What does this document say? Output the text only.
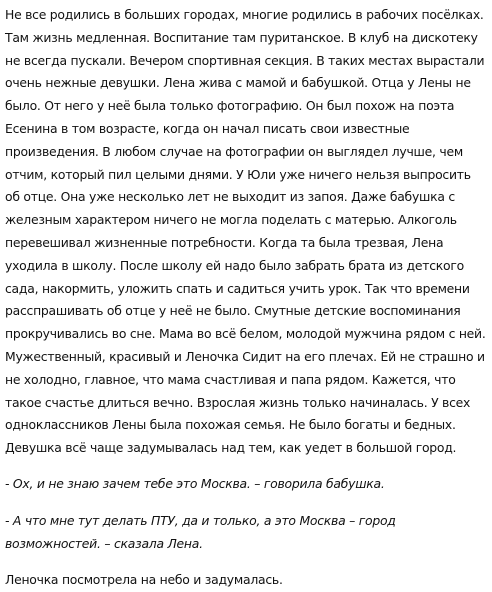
Не все родились в больших городах, многие родились в рабочих посёлках. Там жизнь медленная. Воспитание там пуританское. В клуб на дискотеку не всегда пускали. Вечером спортивная секция. В таких местах вырастали очень нежные девушки. Лена жива с мамой и бабушкой. Отца у Лены не было. От него у неё была только фотографию. Он был похож на поэта Есенина в том возрасте, когда он начал писать свои известные произведения. В любом случае на фотографии он выглядел лучше, чем отчим, который пил целыми днями. У Юли уже ничего нельзя выпросить об отце. Она уже несколько лет не выходит из запоя. Даже бабушка с железным характером ничего не могла поделать с матерью. Алкоголь перевешивал жизненные потребности. Когда та была трезвая, Лена уходила в школу. После школу ей надо было забрать брата из детского сада, накормить, уложить спать и садиться учить урок. Так что времени расспрашивать об отце у неё не было. Смутные детские воспоминания прокручивались во сне. Мама во всё белом, молодой мужчина рядом с ней. Мужественный, красивый и Леночка Сидит на его плечах. Ей не страшно и не холодно, главное, что мама счастливая и папа рядом. Кажется, что такое счастье длиться вечно. Взрослая жизнь только начиналась. У всех одноклассников Лены была похожая семья. Не было богаты и бедных. Девушка всё чаще задумывалась над тем, как уедет в большой город.

- Ох, и не знаю зачем тебе это Москва. – говорила бабушка.

- А что мне тут делать ПТУ, да и только, а это Москва – город возможностей. – сказала Лена.

Леночка посмотрела на небо и задумалась.
